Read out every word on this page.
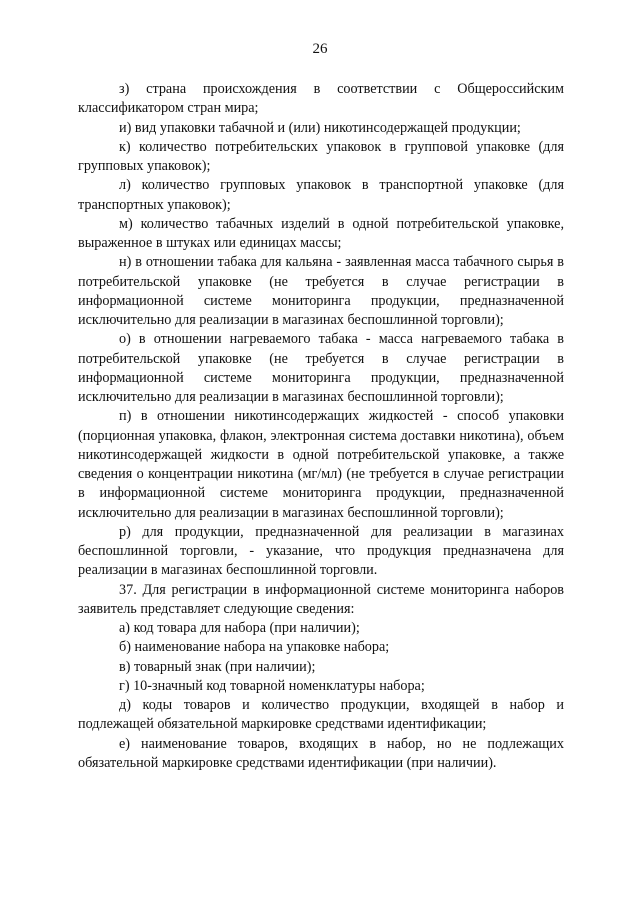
26

з) страна происхождения в соответствии с Общероссийским классификатором стран мира;

и) вид упаковки табачной и (или) никотинсодержащей продукции;

к) количество потребительских упаковок в групповой упаковке (для групповых упаковок);

л) количество групповых упаковок в транспортной упаковке (для транспортных упаковок);

м) количество табачных изделий в одной потребительской упаковке, выраженное в штуках или единицах массы;

н) в отношении табака для кальяна - заявленная масса табачного сырья в потребительской упаковке (не требуется в случае регистрации в информационной системе мониторинга продукции, предназначенной исключительно для реализации в магазинах беспошлинной торговли);

о) в отношении нагреваемого табака - масса нагреваемого табака в потребительской упаковке (не требуется в случае регистрации в информационной системе мониторинга продукции, предназначенной исключительно для реализации в магазинах беспошлинной торговли);

п) в отношении никотинсодержащих жидкостей - способ упаковки (порционная упаковка, флакон, электронная система доставки никотина), объем никотинсодержащей жидкости в одной потребительской упаковке, а также сведения о концентрации никотина (мг/мл) (не требуется в случае регистрации в информационной системе мониторинга продукции, предназначенной исключительно для реализации в магазинах беспошлинной торговли);

р) для продукции, предназначенной для реализации в магазинах беспошлинной торговли, - указание, что продукция предназначена для реализации в магазинах беспошлинной торговли.

37. Для регистрации в информационной системе мониторинга наборов заявитель представляет следующие сведения:

а) код товара для набора (при наличии);

б) наименование набора на упаковке набора;

в) товарный знак (при наличии);

г) 10-значный код товарной номенклатуры набора;

д) коды товаров и количество продукции, входящей в набор и подлежащей обязательной маркировке средствами идентификации;

е) наименование товаров, входящих в набор, но не подлежащих обязательной маркировке средствами идентификации (при наличии).
